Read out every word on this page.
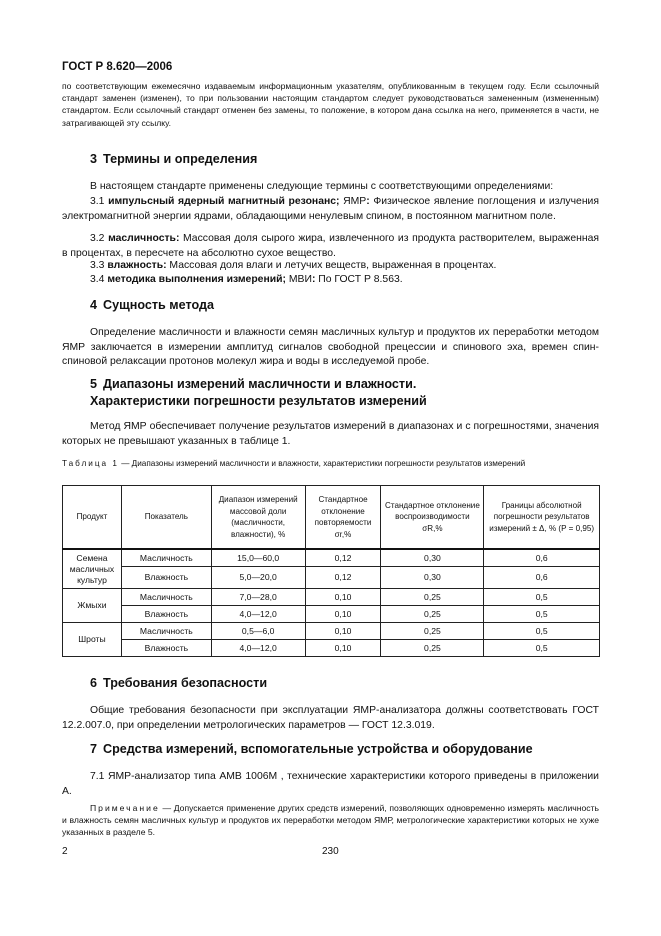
ГОСТ Р 8.620—2006

по соответствующим ежемесячно издаваемым информационным указателям, опубликованным в текущем году. Если ссылочный стандарт заменен (изменен), то при пользовании настоящим стандартом следует руководствоваться замененным (измененным) стандартом. Если ссылочный стандарт отменен без замены, то положение, в котором дана ссылка на него, применяется в части, не затрагивающей эту ссылку.

3 Термины и определения

В настоящем стандарте применены следующие термины с соответствующими определениями:

3.1 импульсный ядерный магнитный резонанс; ЯМР: Физическое явление поглощения и излучения электромагнитной энергии ядрами, обладающими ненулевым спином, в постоянном магнитном поле.

3.2 масличность: Массовая доля сырого жира, извлеченного из продукта растворителем, выраженная в процентах, в пересчете на абсолютно сухое вещество.

3.3 влажность: Массовая доля влаги и летучих веществ, выраженная в процентах.

3.4 методика выполнения измерений; МВИ: По ГОСТ Р 8.563.

4 Сущность метода

Определение масличности и влажности семян масличных культур и продуктов их переработки методом ЯМР заключается в измерении амплитуд сигналов свободной прецессии и спинового эха, времен спин-спиновой релаксации протонов молекул жира и воды в исследуемой пробе.

5 Диапазоны измерений масличности и влажности.
Характеристики погрешности результатов измерений

Метод ЯМР обеспечивает получение результатов измерений в диапазонах и с погрешностями, значения которых не превышают указанных в таблице 1.

Таблица 1 — Диапазоны измерений масличности и влажности, характеристики погрешности результатов измерений

Продукт	Показатель	Диапазон измерений массовой доли (масличности, влажности), %	Стандартное отклонение повторяемости σr,%	Стандартное отклонение воспроизводимости σR,%	Границы абсолютной погрешности результатов измерений ± Δ, % (P = 0,95)
Семена масличных культур	Масличность	15,0—60,0	0,12	0,30	0,6
	Влажность	5,0—20,0	0,12	0,30	0,6
Жмыхи	Масличность	7,0—28,0	0,10	0,25	0,5
	Влажность	4,0—12,0	0,10	0,25	0,5
Шроты	Масличность	0,5—6,0	0,10	0,25	0,5
	Влажность	4,0—12,0	0,10	0,25	0,5
6 Требования безопасности

Общие требования безопасности при эксплуатации ЯМР-анализатора должны соответствовать ГОСТ 12.2.007.0, при определении метрологических параметров — ГОСТ 12.3.019.

7 Средства измерений, вспомогательные устройства и оборудование

7.1 ЯМР-анализатор типа АМВ 1006М , технические характеристики которого приведены в приложении А.

Примечание — Допускается применение других средств измерений, позволяющих одновременно измерять масличность и влажность семян масличных культур и продуктов их переработки методом ЯМР, метрологические характеристики которых не хуже указанных в разделе 5.

2	230
